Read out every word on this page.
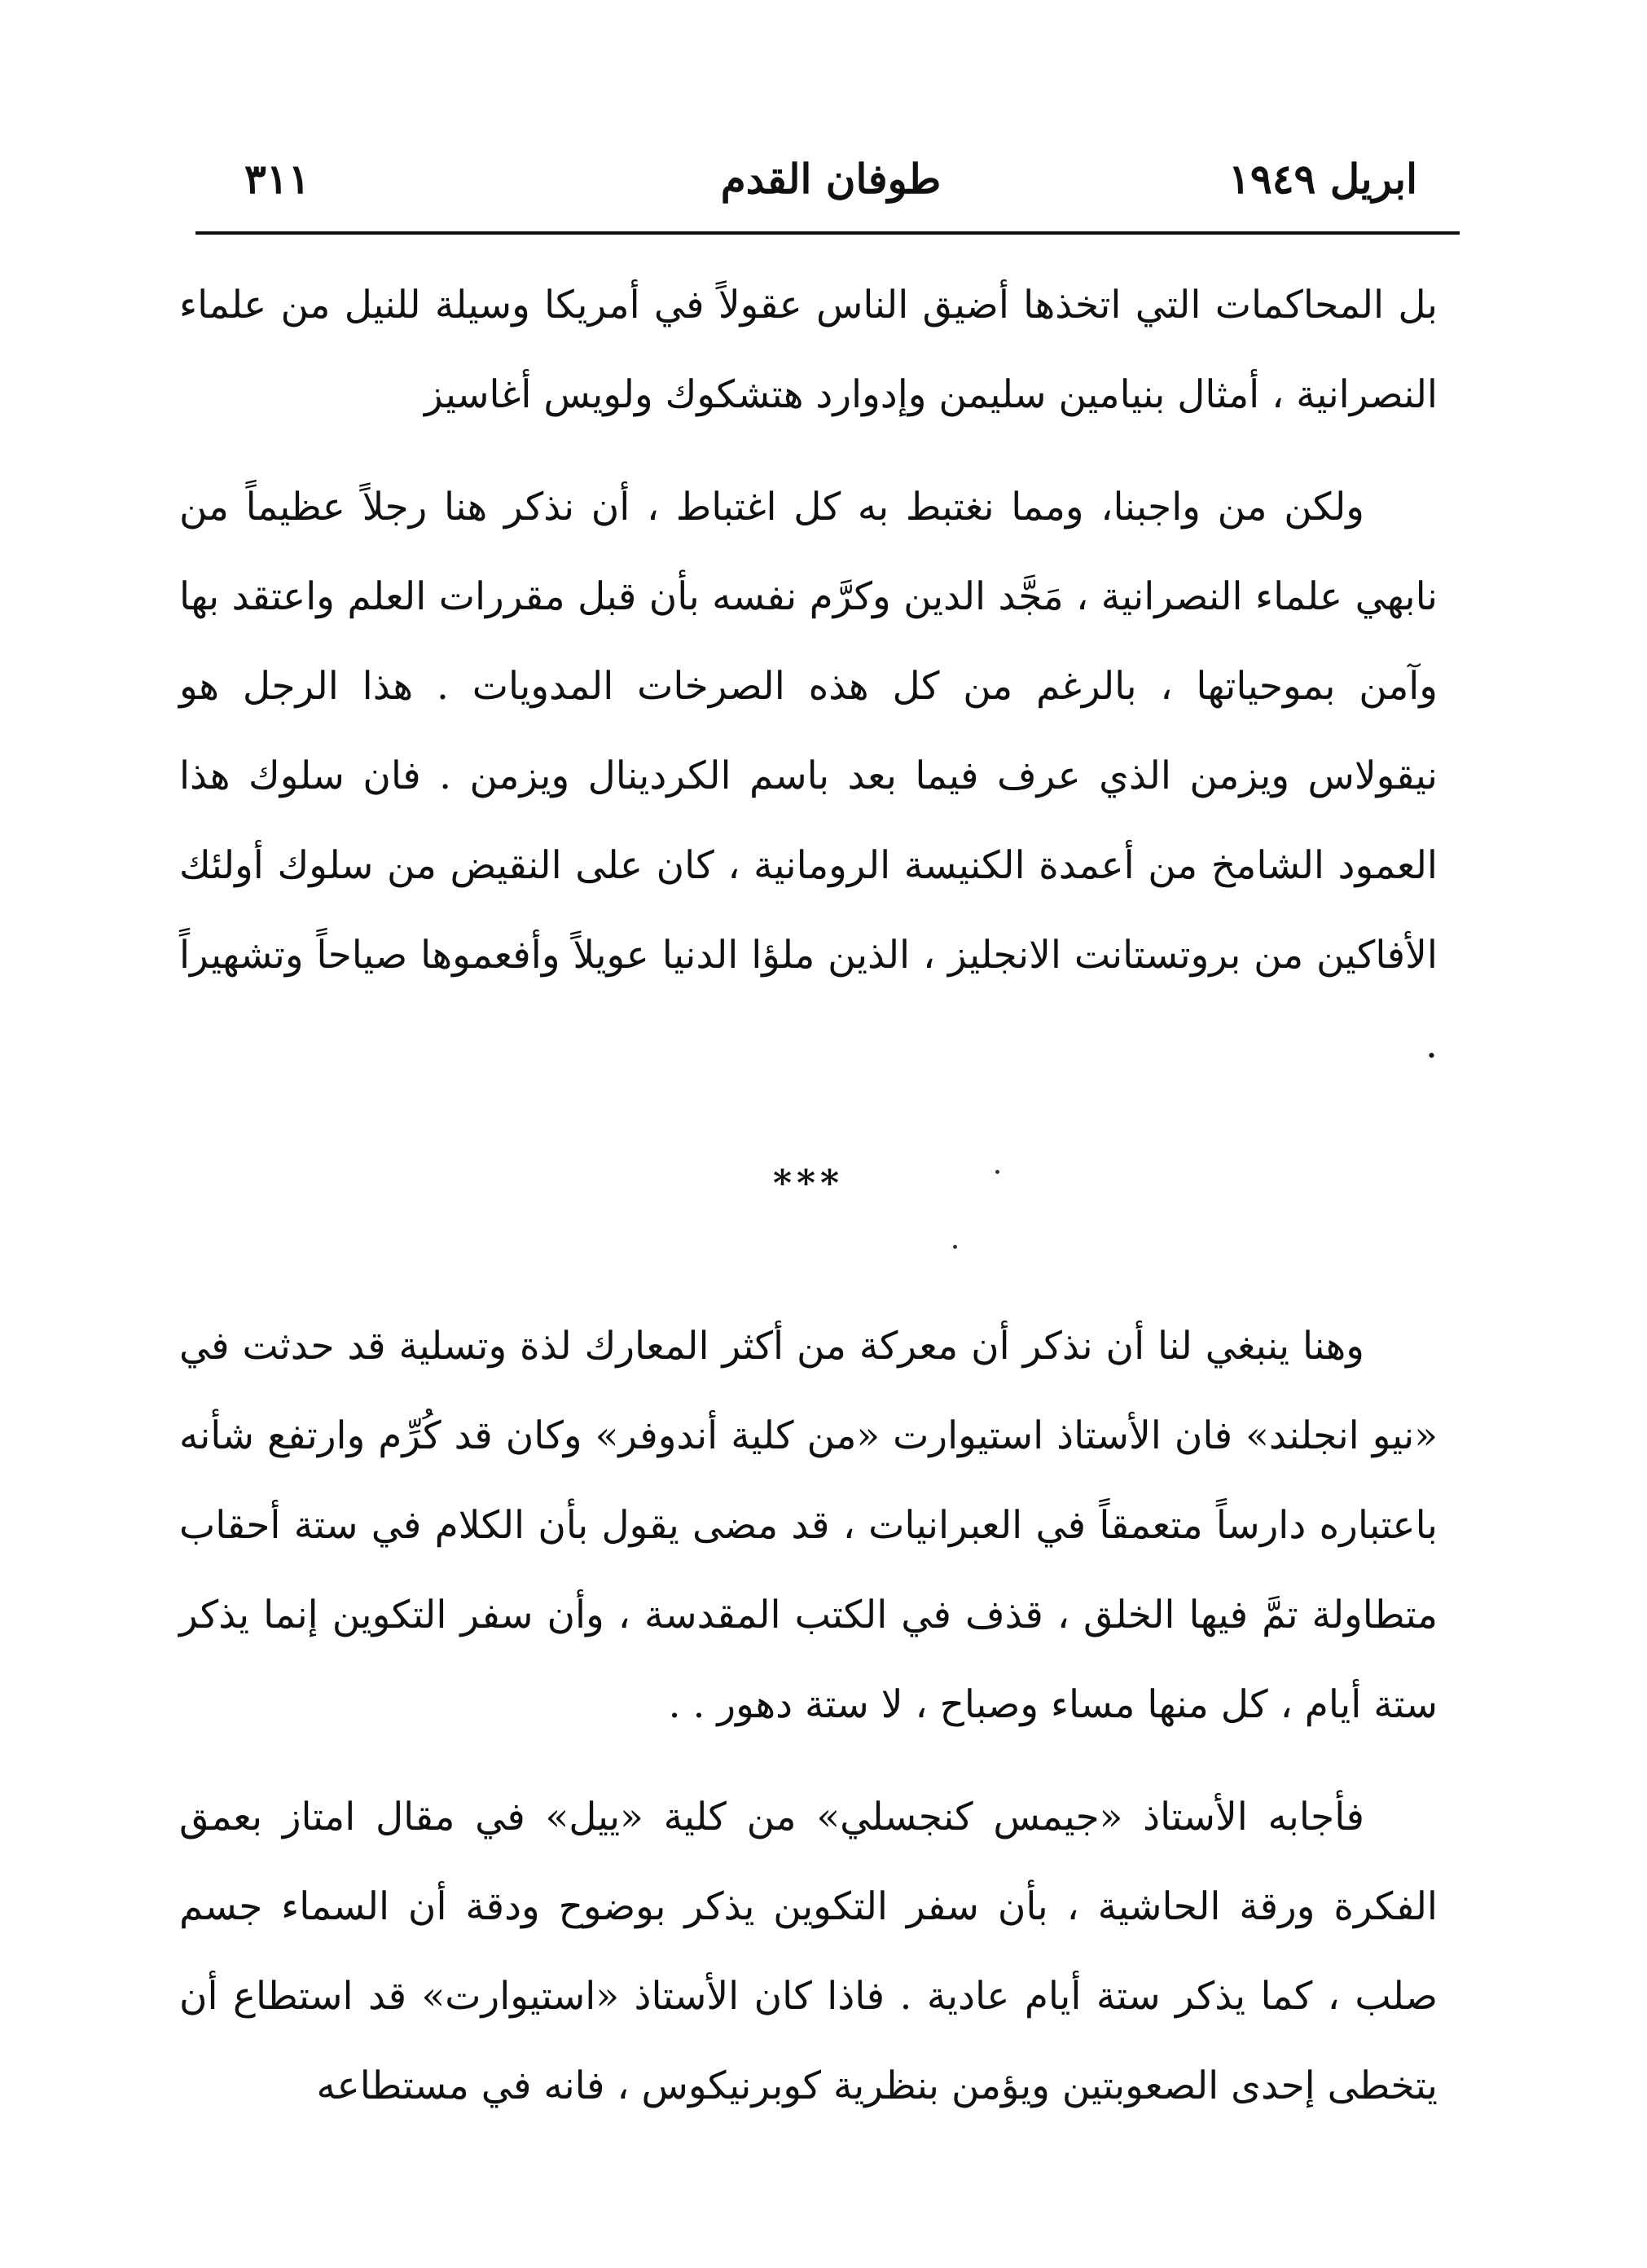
ابريل ١٩٤٩
طوفان القدم
٣١١

بل المحاكمات التي اتخذها أضيق الناس عقولاً في أمريكا وسيلة للنيل من علماء النصرانية ، أمثال بنيامين سليمن وإدوارد هتشكوك ولويس أغاسيز

ولكن من واجبنا، ومما نغتبط به كل اغتباط ، أن نذكر هنا رجلاً عظيماً من نابهي علماء النصرانية ، مَجَّد الدين وكرَّم نفسه بأن قبل مقررات العلم واعتقد بها وآمن بموحياتها ، بالرغم من كل هذه الصرخات المدويات . هذا الرجل هو نيقولاس ويزمن الذي عرف فيما بعد باسم الكردينال ويزمن . فان سلوك هذا العمود الشامخ من أعمدة الكنيسة الرومانية ، كان على النقيض من سلوك أولئك الأفاكين من بروتستانت الانجليز ، الذين ملؤا الدنيا عويلاً وأفعموها صياحاً وتشهيراً .

***

وهنا ينبغي لنا أن نذكر أن معركة من أكثر المعارك لذة وتسلية قد حدثت في «نيو انجلند» فان الأستاذ استيوارت «من كلية أندوفر» وكان قد كُرِّم وارتفع شأنه باعتباره دارساً متعمقاً في العبرانيات ، قد مضى يقول بأن الكلام في ستة أحقاب متطاولة تمَّ فيها الخلق ، قذف في الكتب المقدسة ، وأن سفر التكوين إنما يذكر ستة أيام ، كل منها مساء وصباح ، لا ستة دهور . .

فأجابه الأستاذ «جيمس كنجسلي» من كلية «ييل» في مقال امتاز بعمق الفكرة ورقة الحاشية ، بأن سفر التكوين يذكر بوضوح ودقة أن السماء جسم صلب ، كما يذكر ستة أيام عادية . فاذا كان الأستاذ «استيوارت» قد استطاع أن يتخطى إحدى الصعوبتين ويؤمن بنظرية كوبرنيكوس ، فانه في مستطاعه
